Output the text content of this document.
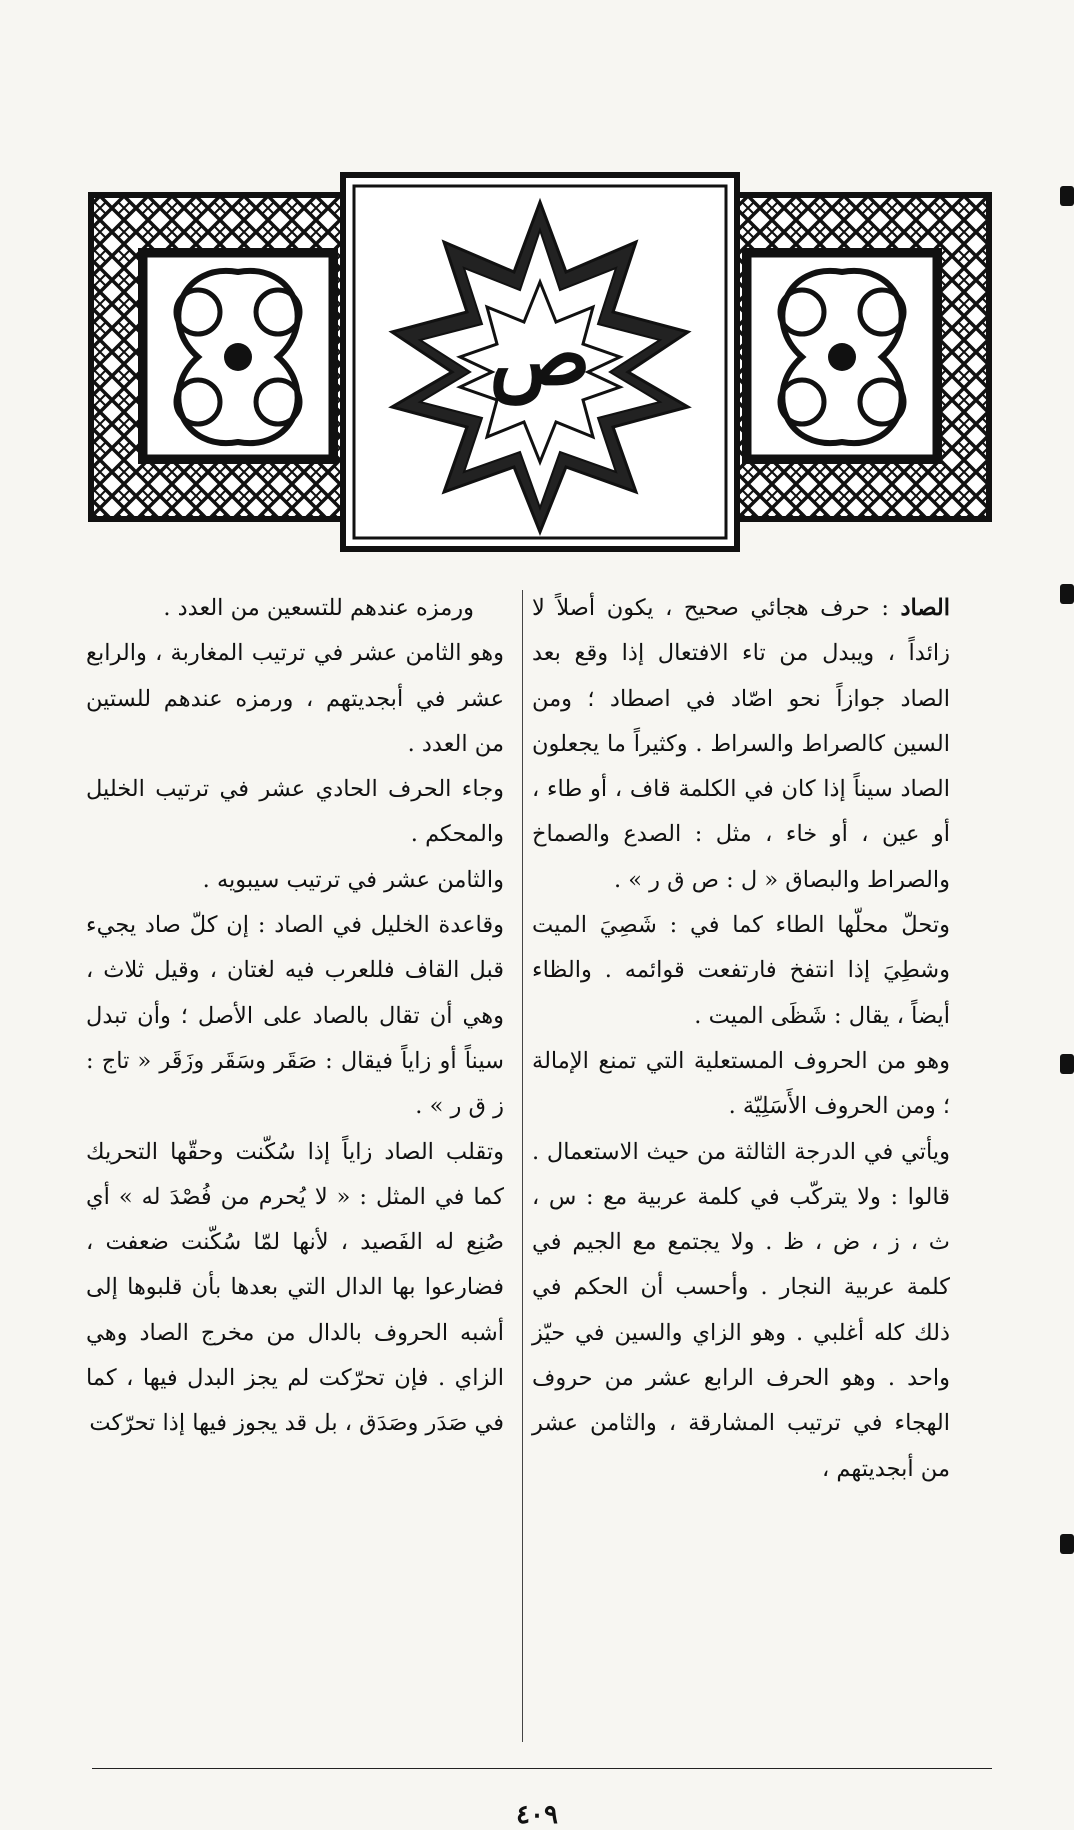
ص

الصاد : حرف هجائي صحيح ، يكون أصلاً لا زائداً ، ويبدل من تاء الافتعال إذا وقع بعد الصاد جوازاً نحو اصّاد في اصطاد ؛ ومن السين كالصراط والسراط . وكثيراً ما يجعلون الصاد سيناً إذا كان في الكلمة قاف ، أو طاء ، أو عين ، أو خاء ، مثل : الصدع والصماخ والصراط والبصاق « ل : ص ق ر » .

وتحلّ محلّها الطاء كما في : شَصِيَ الميت وشطِيَ إذا انتفخ فارتفعت قوائمه . والظاء أيضاً ، يقال : شَظَى الميت .

وهو من الحروف المستعلية التي تمنع الإمالة ؛ ومن الحروف الأَسَلِيّة .

ويأتي في الدرجة الثالثة من حيث الاستعمال . قالوا : ولا يتركّب في كلمة عربية مع : س ، ث ، ز ، ض ، ظ . ولا يجتمع مع الجيم في كلمة عربية النجار . وأحسب أن الحكم في ذلك كله أغلبي . وهو الزاي والسين في حيّز واحد . وهو الحرف الرابع عشر من حروف الهجاء في ترتيب المشارقة ، والثامن عشر من أبجديتهم ،

ورمزه عندهم للتسعين من العدد .

وهو الثامن عشر في ترتيب المغاربة ، والرابع عشر في أبجديتهم ، ورمزه عندهم للستين من العدد .

وجاء الحرف الحادي عشر في ترتيب الخليل والمحكم .

والثامن عشر في ترتيب سيبويه .

وقاعدة الخليل في الصاد : إن كلّ صاد يجيء قبل القاف فللعرب فيه لغتان ، وقيل ثلاث ، وهي أن تقال بالصاد على الأصل ؛ وأن تبدل سيناً أو زاياً فيقال : صَقَر وسَقَر وزَقَر « تاج : ز ق ر » .

وتقلب الصاد زاياً إذا سُكّنت وحقّها التحريك كما في المثل : « لا يُحرم من فُصْدَ له » أي صُنِع له الفَصيد ، لأنها لمّا سُكّنت ضعفت ، فضارعوا بها الدال التي بعدها بأن قلبوها إلى أشبه الحروف بالدال من مخرج الصاد وهي الزاي . فإن تحرّكت لم يجز البدل فيها ، كما في صَدَر وصَدَق ، بل قد يجوز فيها إذا تحرّكت

٤٠٩
